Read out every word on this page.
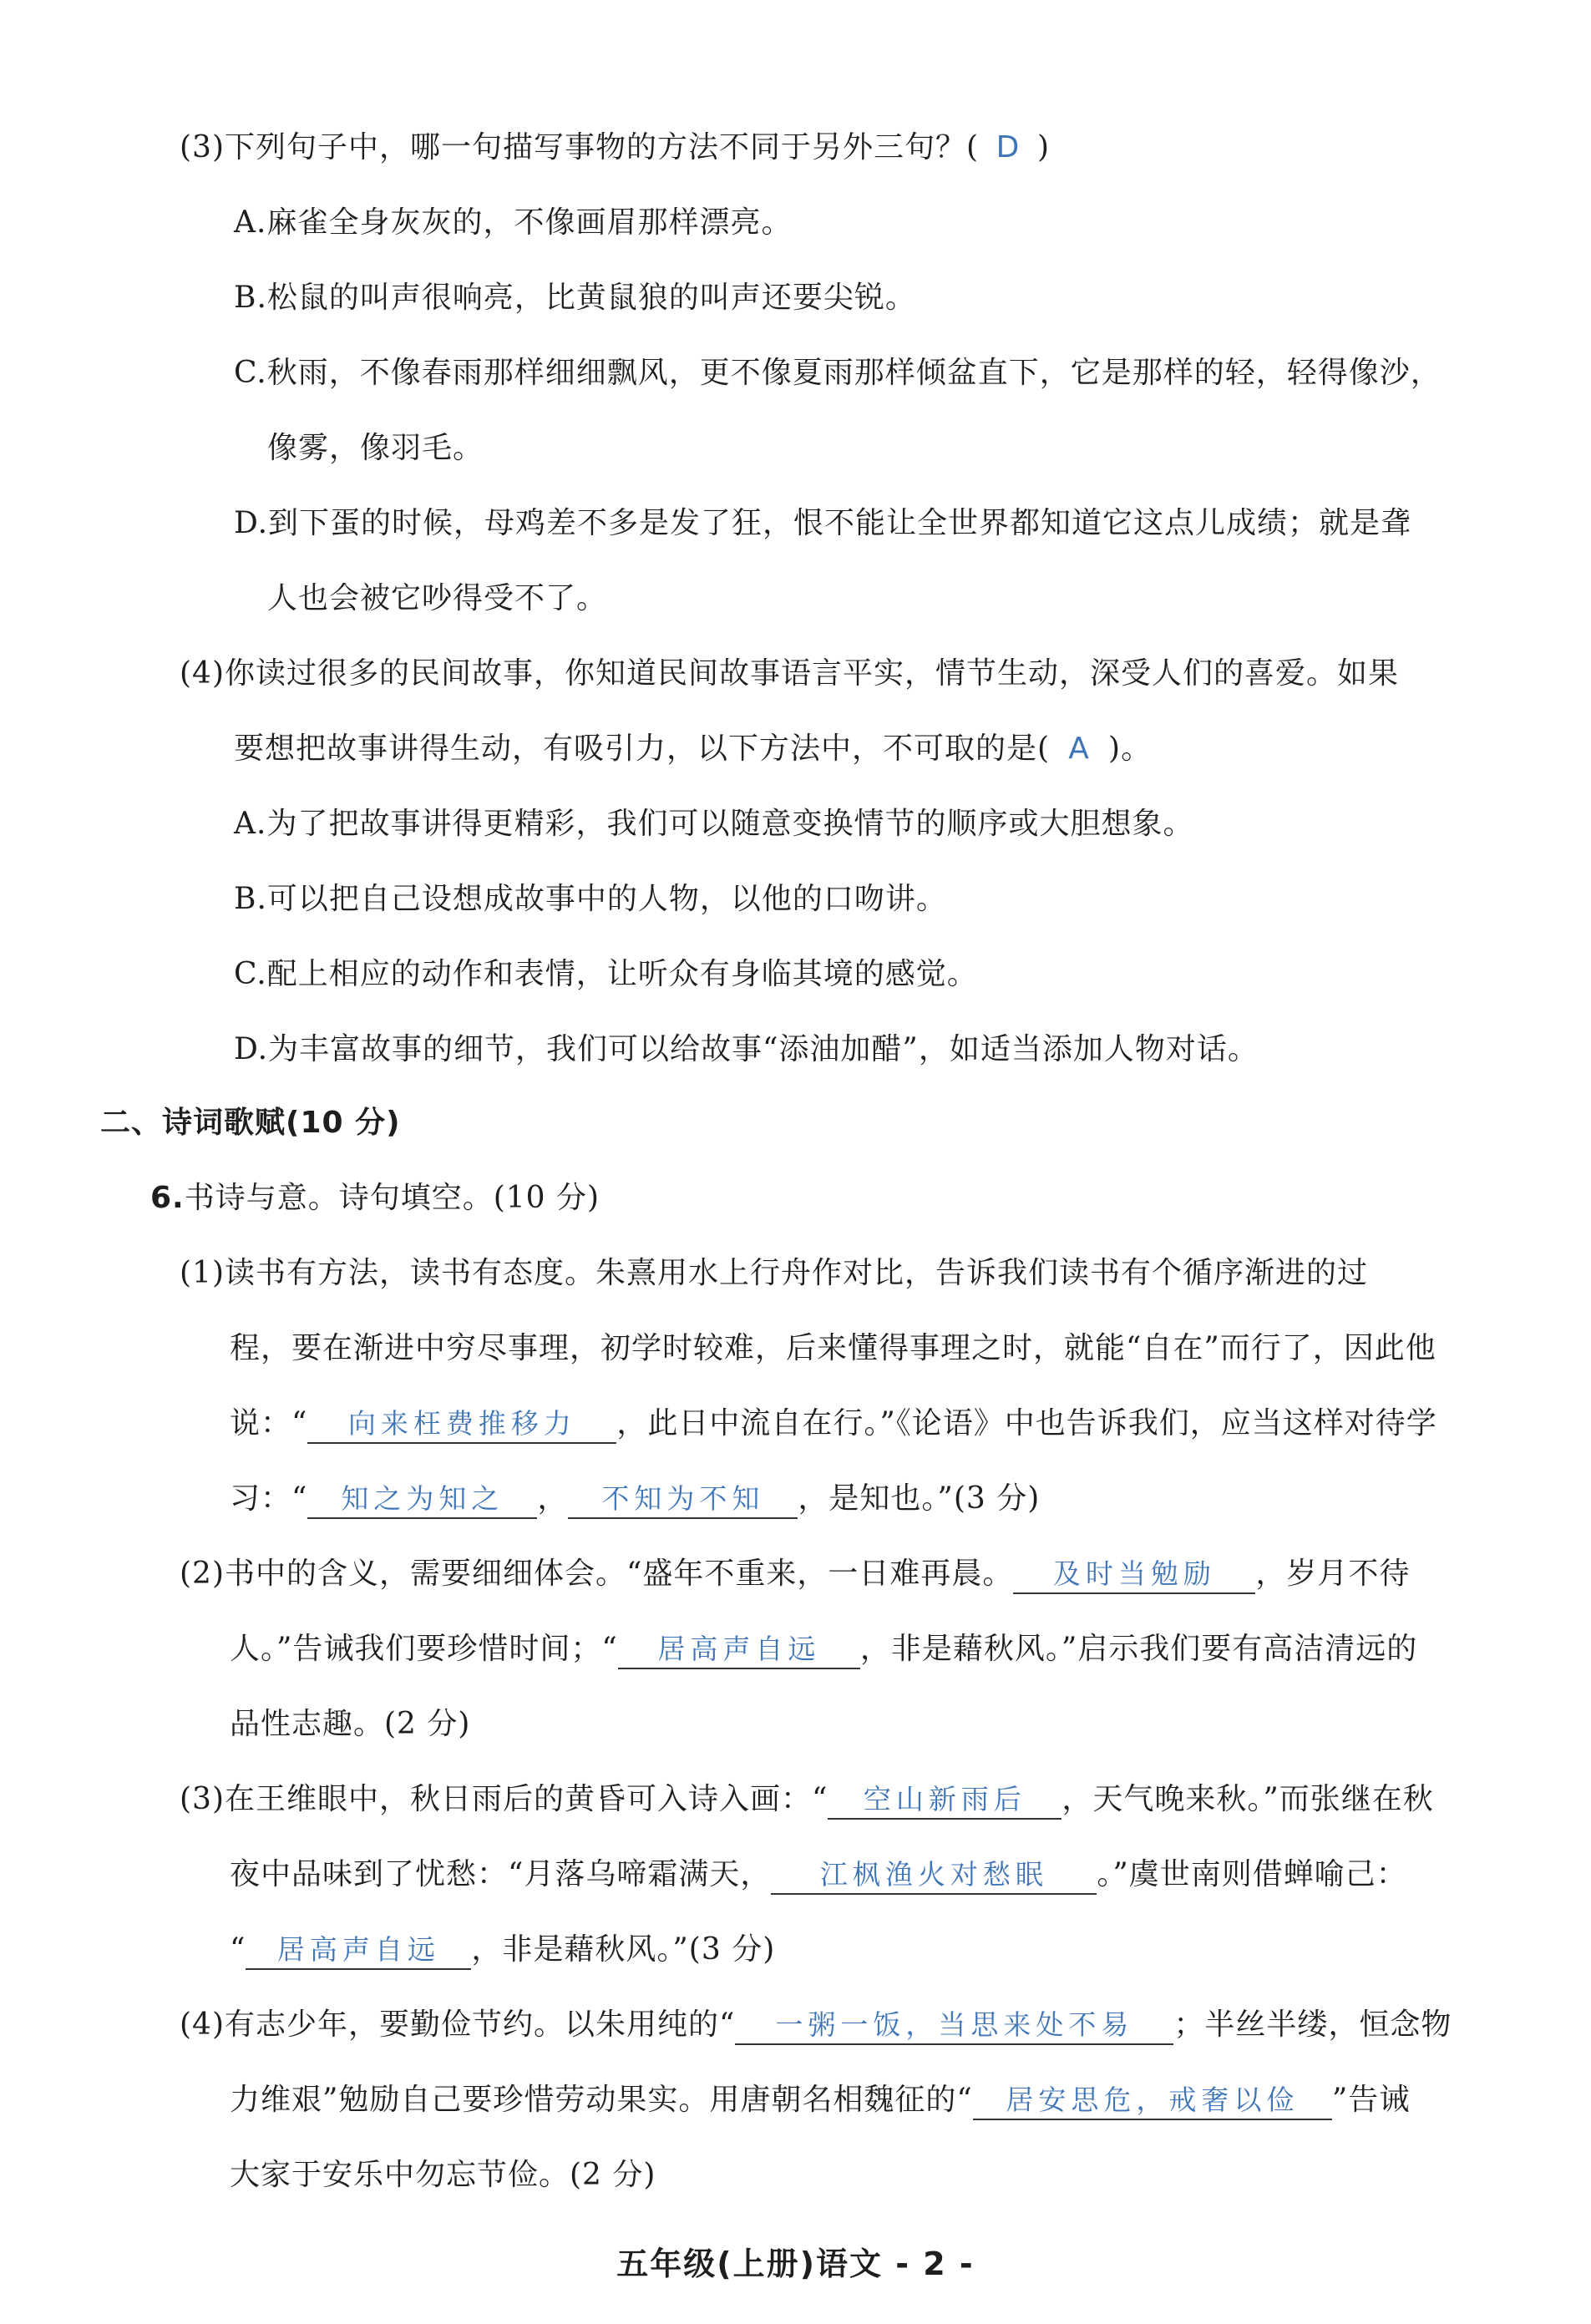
(3)下列句子中，哪一句描写事物的方法不同于另外三句？( D )
A.麻雀全身灰灰的，不像画眉那样漂亮。
B.松鼠的叫声很响亮，比黄鼠狼的叫声还要尖锐。
C.秋雨，不像春雨那样细细飘风，更不像夏雨那样倾盆直下，它是那样的轻，轻得像沙，
像雾，像羽毛。
D.到下蛋的时候，母鸡差不多是发了狂，恨不能让全世界都知道它这点儿成绩；就是聋
人也会被它吵得受不了。
(4)你读过很多的民间故事，你知道民间故事语言平实，情节生动，深受人们的喜爱。如果
要想把故事讲得生动，有吸引力，以下方法中，不可取的是( A )。
A.为了把故事讲得更精彩，我们可以随意变换情节的顺序或大胆想象。
B.可以把自己设想成故事中的人物，以他的口吻讲。
C.配上相应的动作和表情，让听众有身临其境的感觉。
D.为丰富故事的细节，我们可以给故事“添油加醋”，如适当添加人物对话。
二、诗词歌赋(10 分)
6.书诗与意。诗句填空。(10 分)
(1)读书有方法，读书有态度。朱熹用水上行舟作对比，告诉我们读书有个循序渐进的过
程，要在渐进中穷尽事理，初学时较难，后来懂得事理之时，就能“自在”而行了，因此他
说：“ 向来枉费推移力 ，此日中流自在行。”《论语》中也告诉我们，应当这样对待学
习：“ 知之为知之 ， 不知为不知 ，是知也。”(3 分)
(2)书中的含义，需要细细体会。“盛年不重来，一日难再晨。 及时当勉励 ，岁月不待
人。”告诫我们要珍惜时间；“ 居高声自远 ，非是藉秋风。”启示我们要有高洁清远的
品性志趣。(2 分)
(3)在王维眼中，秋日雨后的黄昏可入诗入画：“ 空山新雨后 ，天气晚来秋。”而张继在秋
夜中品味到了忧愁：“月落乌啼霜满天， 江枫渔火对愁眠 。”虞世南则借蝉喻己：
“ 居高声自远 ，非是藉秋风。”(3 分)
(4)有志少年，要勤俭节约。以朱用纯的“ 一粥一饭，当思来处不易 ；半丝半缕，恒念物
力维艰”勉励自己要珍惜劳动果实。用唐朝名相魏征的“ 居安思危，戒奢以俭 ”告诫
大家于安乐中勿忘节俭。(2 分)
五年级(上册)语文 - 2 -
